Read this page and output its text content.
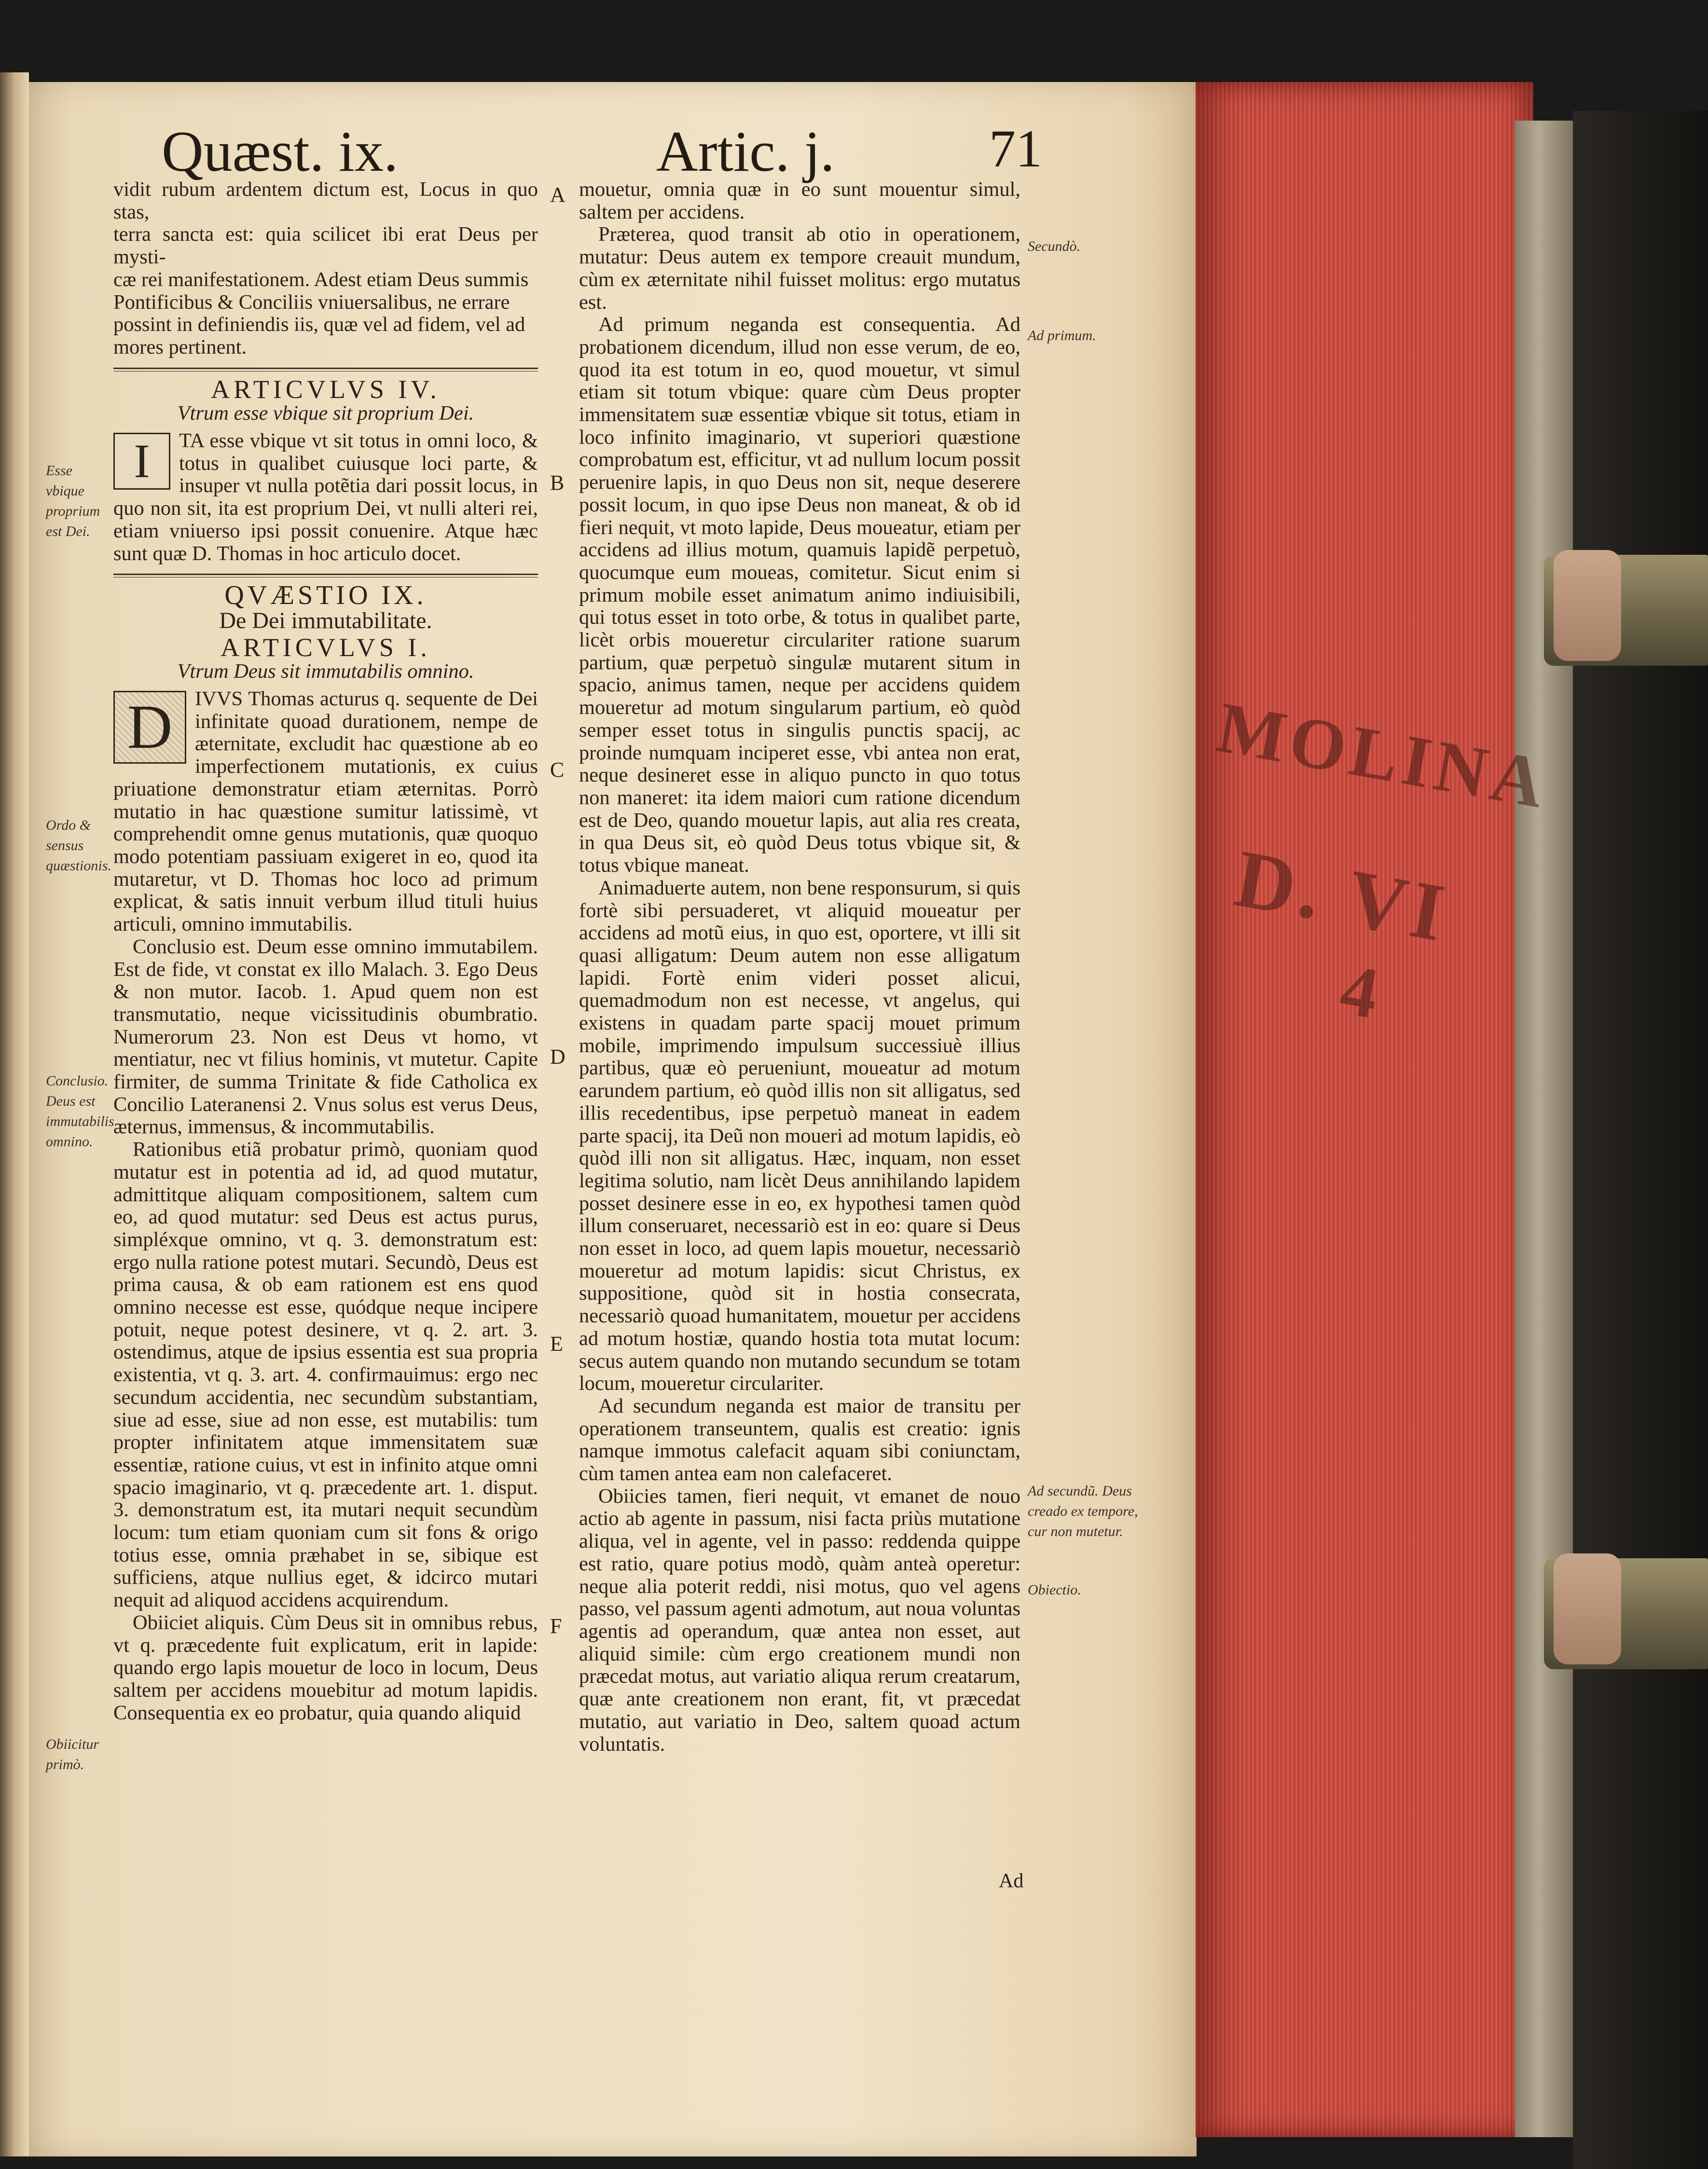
MOLINA
D. VI
4
Quæst. ix.	Artic. j.	71

vidit rubum ardentem dictum est, Locus in quo stas,

terra sancta est: quia scilicet ibi erat Deus per mysti-

cæ rei manifestationem. Adest etiam Deus summis

Pontificibus & Conciliis vniuersalibus, ne errare

possint in definiendis iis, quæ vel ad fidem, vel ad

mores pertinent.

ARTICVLVS IV.
Vtrum esse vbique sit proprium Dei.

I	TA esse vbique vt sit totus in omni loco, & totus in qualibet cuiusque loci parte, & insuper vt nulla potẽtia dari possit locus, in quo non sit, ita est proprium Dei, vt nulli alteri rei, etiam vniuerso ipsi possit conuenire. Atque hæc sunt quæ D. Thomas in hoc articulo docet.

QVÆSTIO IX.
De Dei immutabilitate.
ARTICVLVS I.
Vtrum Deus sit immutabilis omnino.

D	IVVS Thomas acturus q. sequente de Dei infinitate quoad durationem, nempe de æternitate, excludit hac quæstione ab eo imperfectionem mutationis, ex cuius priuatione demonstratur etiam æternitas. Porrò mutatio in hac quæstione sumitur latissimè, vt comprehendit omne genus mutationis, quæ quoquo modo potentiam passiuam exigeret in eo, quod ita mutaretur, vt D. Thomas hoc loco ad primum explicat, & satis innuit verbum illud tituli huius articuli, omnino immutabilis.

Conclusio est. Deum esse omnino immutabilem. Est de fide, vt constat ex illo Malach. 3. Ego Deus & non mutor. Iacob. 1. Apud quem non est transmutatio, neque vicissitudinis obumbratio. Numerorum 23. Non est Deus vt homo, vt mentiatur, nec vt filius hominis, vt mutetur. Capite firmiter, de summa Trinitate & fide Catholica ex Concilio Lateranensi 2. Vnus solus est verus Deus, æternus, immensus, & incommutabilis.

Rationibus etiã probatur primò, quoniam quod mutatur est in potentia ad id, ad quod mutatur, admittitque aliquam compositionem, saltem cum eo, ad quod mutatur: sed Deus est actus purus, simpléxque omnino, vt q. 3. demonstratum est: ergo nulla ratione potest mutari. Secundò, Deus est prima causa, & ob eam rationem est ens quod omnino necesse est esse, quódque neque incipere potuit, neque potest desinere, vt q. 2. art. 3. ostendimus, atque de ipsius essentia est sua propria existentia, vt q. 3. art. 4. confirmauimus: ergo nec secundum accidentia, nec secundùm substantiam, siue ad esse, siue ad non esse, est mutabilis: tum propter infinitatem atque immensitatem suæ essentiæ, ratione cuius, vt est in infinito atque omni spacio imaginario, vt q. præcedente art. 1. disput. 3. demonstratum est, ita mutari nequit secundùm locum: tum etiam quoniam cum sit fons & origo totius esse, omnia præhabet in se, sibique est sufficiens, atque nullius eget, & idcirco mutari nequit ad aliquod accidens acquirendum.

Obiiciet aliquis. Cùm Deus sit in omnibus rebus, vt q. præcedente fuit explicatum, erit in lapide: quando ergo lapis mouetur de loco in locum, Deus saltem per accidens mouebitur ad motum lapidis. Consequentia ex eo probatur, quia quando aliquid

A
B
C
D
E
F

mouetur, omnia quæ in eo sunt mouentur simul, saltem per accidens.

Præterea, quod transit ab otio in operationem, mutatur: Deus autem ex tempore creauit mundum, cùm ex æternitate nihil fuisset molitus: ergo mutatus est.

Ad primum neganda est consequentia. Ad probationem dicendum, illud non esse verum, de eo, quod ita est totum in eo, quod mouetur, vt simul etiam sit totum vbique: quare cùm Deus propter immensitatem suæ essentiæ vbique sit totus, etiam in loco infinito imaginario, vt superiori quæstione comprobatum est, efficitur, vt ad nullum locum possit peruenire lapis, in quo Deus non sit, neque deserere possit locum, in quo ipse Deus non maneat, & ob id fieri nequit, vt moto lapide, Deus moueatur, etiam per accidens ad illius motum, quamuis lapidẽ perpetuò, quocumque eum moueas, comitetur. Sicut enim si primum mobile esset animatum animo indiuisibili, qui totus esset in toto orbe, & totus in qualibet parte, licèt orbis moueretur circulariter ratione suarum partium, quæ perpetuò singulæ mutarent situm in spacio, animus tamen, neque per accidens quidem moueretur ad motum singularum partium, eò quòd semper esset totus in singulis punctis spacij, ac proinde numquam inciperet esse, vbi antea non erat, neque desineret esse in aliquo puncto in quo totus non maneret: ita idem maiori cum ratione dicendum est de Deo, quando mouetur lapis, aut alia res creata, in qua Deus sit, eò quòd Deus totus vbique sit, & totus vbique maneat.

Animaduerte autem, non bene responsurum, si quis fortè sibi persuaderet, vt aliquid moueatur per accidens ad motũ eius, in quo est, oportere, vt illi sit quasi alligatum: Deum autem non esse alligatum lapidi. Fortè enim videri posset alicui, quemadmodum non est necesse, vt angelus, qui existens in quadam parte spacij mouet primum mobile, imprimendo impulsum successiuè illius partibus, quæ eò perueniunt, moueatur ad motum earundem partium, eò quòd illis non sit alligatus, sed illis recedentibus, ipse perpetuò maneat in eadem parte spacij, ita Deũ non moueri ad motum lapidis, eò quòd illi non sit alligatus. Hæc, inquam, non esset legitima solutio, nam licèt Deus annihilando lapidem posset desinere esse in eo, ex hypothesi tamen quòd illum conseruaret, necessariò est in eo: quare si Deus non esset in loco, ad quem lapis mouetur, necessariò moueretur ad motum lapidis: sicut Christus, ex suppositione, quòd sit in hostia consecrata, necessariò quoad humanitatem, mouetur per accidens ad motum hostiæ, quando hostia tota mutat locum: secus autem quando non mutando secundum se totam locum, moueretur circulariter.

Ad secundum neganda est maior de transitu per operationem transeuntem, qualis est creatio: ignis namque immotus calefacit aquam sibi coniunctam, cùm tamen antea eam non calefaceret.

Obiicies tamen, fieri nequit, vt emanet de nouo actio ab agente in passum, nisi facta priùs mutatione aliqua, vel in agente, vel in passo: reddenda quippe est ratio, quare potius modò, quàm anteà operetur: neque alia poterit reddi, nisi motus, quo vel agens passo, vel passum agenti admotum, aut noua voluntas agentis ad operandum, quæ antea non esset, aut aliquid simile: cùm ergo creationem mundi non præcedat motus, aut variatio aliqua rerum creatarum, quæ ante creationem non erant, fit, vt præcedat mutatio, aut variatio in Deo, saltem quoad actum voluntatis.

Ad
Esse vbique proprium est Dei.
Ordo & sensus quæstionis.
Conclusio. Deus est immutabilis omnino.
Obiicitur primò.
Secundò.
Ad primum.
Ad secundũ. Deus creado ex tempore, cur non mutetur.
Obiectio.
